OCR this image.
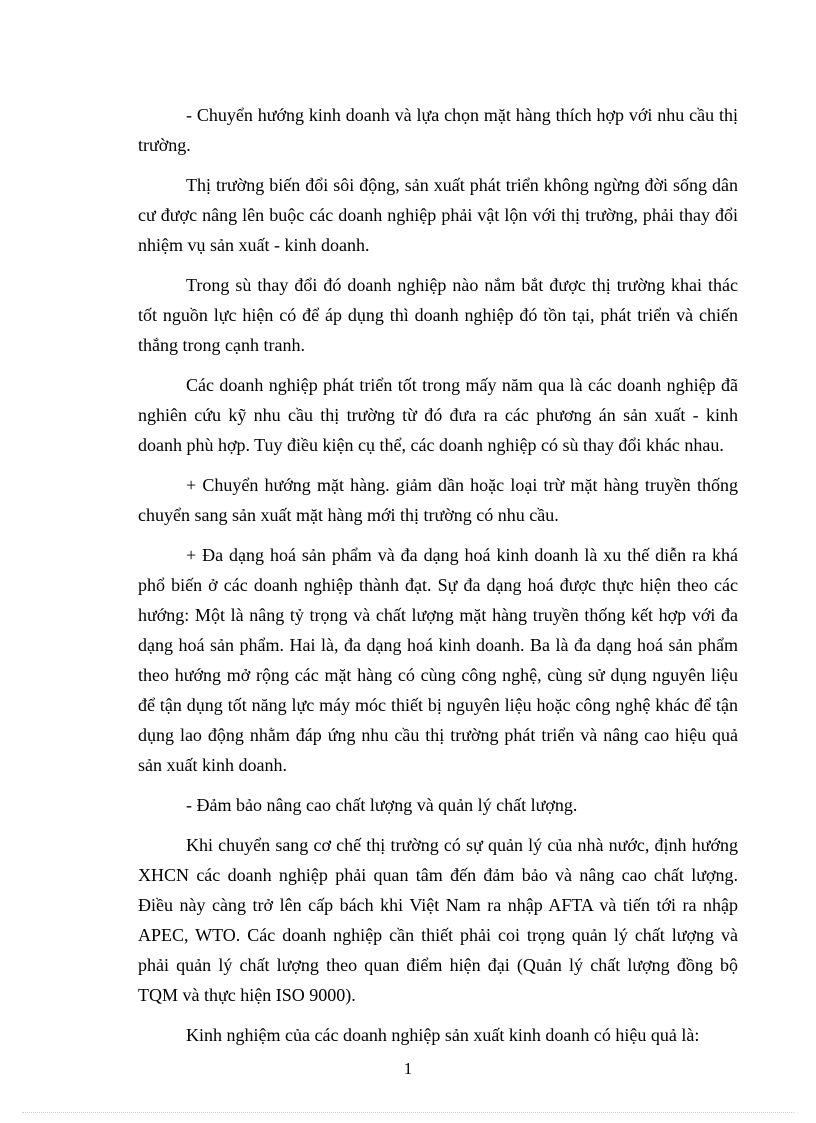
- Chuyển hướng kinh doanh và lựa chọn mặt hàng thích hợp với nhu cầu thị trường.

Thị trường biến đổi sôi động, sản xuất phát triển không ngừng đời sống dân cư được nâng lên buộc các doanh nghiệp phải vật lộn với thị trường, phải thay đổi nhiệm vụ sản xuất - kinh doanh.

Trong sù thay đổi đó doanh nghiệp nào nắm bắt được thị trường khai thác tốt nguồn lực hiện có để áp dụng thì doanh nghiệp đó tồn tại, phát triển và chiến thắng trong cạnh tranh.

Các doanh nghiệp phát triển tốt trong mấy năm qua là các doanh nghiệp đã nghiên cứu kỹ nhu cầu thị trường từ đó đưa ra các phương án sản xuất - kinh doanh phù hợp. Tuy điều kiện cụ thể, các doanh nghiệp có sù thay đổi khác nhau.

+ Chuyển hướng mặt hàng. giảm dần hoặc loại trừ mặt hàng truyền thống chuyển sang sản xuất mặt hàng mới thị trường có nhu cầu.

+ Đa dạng hoá sản phẩm và đa dạng hoá kinh doanh là xu thế diễn ra khá phổ biến ở các doanh nghiệp thành đạt. Sự đa dạng hoá được thực hiện theo các hướng: Một là nâng tỷ trọng và chất lượng mặt hàng truyền thống kết hợp với đa dạng hoá sản phẩm. Hai là, đa dạng hoá kinh doanh. Ba là đa dạng hoá sản phẩm theo hướng mở rộng các mặt hàng có cùng công nghệ, cùng sử dụng nguyên liệu để tận dụng tốt năng lực máy móc thiết bị nguyên liệu hoặc công nghệ khác để tận dụng lao động nhằm đáp ứng nhu cầu thị trường phát triển và nâng cao hiệu quả sản xuất kinh doanh.

- Đảm bảo nâng cao chất lượng và quản lý chất lượng.

Khi chuyển sang cơ chế thị trường có sự quản lý của nhà nước, định hướng XHCN các doanh nghiệp phải quan tâm đến đảm bảo và nâng cao chất lượng. Điều này càng trở lên cấp bách khi Việt Nam ra nhập AFTA và tiến tới ra nhập APEC, WTO. Các doanh nghiệp cần thiết phải coi trọng quản lý chất lượng và phải quản lý chất lượng theo quan điểm hiện đại (Quản lý chất lượng đồng bộ TQM và thực hiện ISO 9000).

Kinh nghiệm của các doanh nghiệp sản xuất kinh doanh có hiệu quả là:

1
